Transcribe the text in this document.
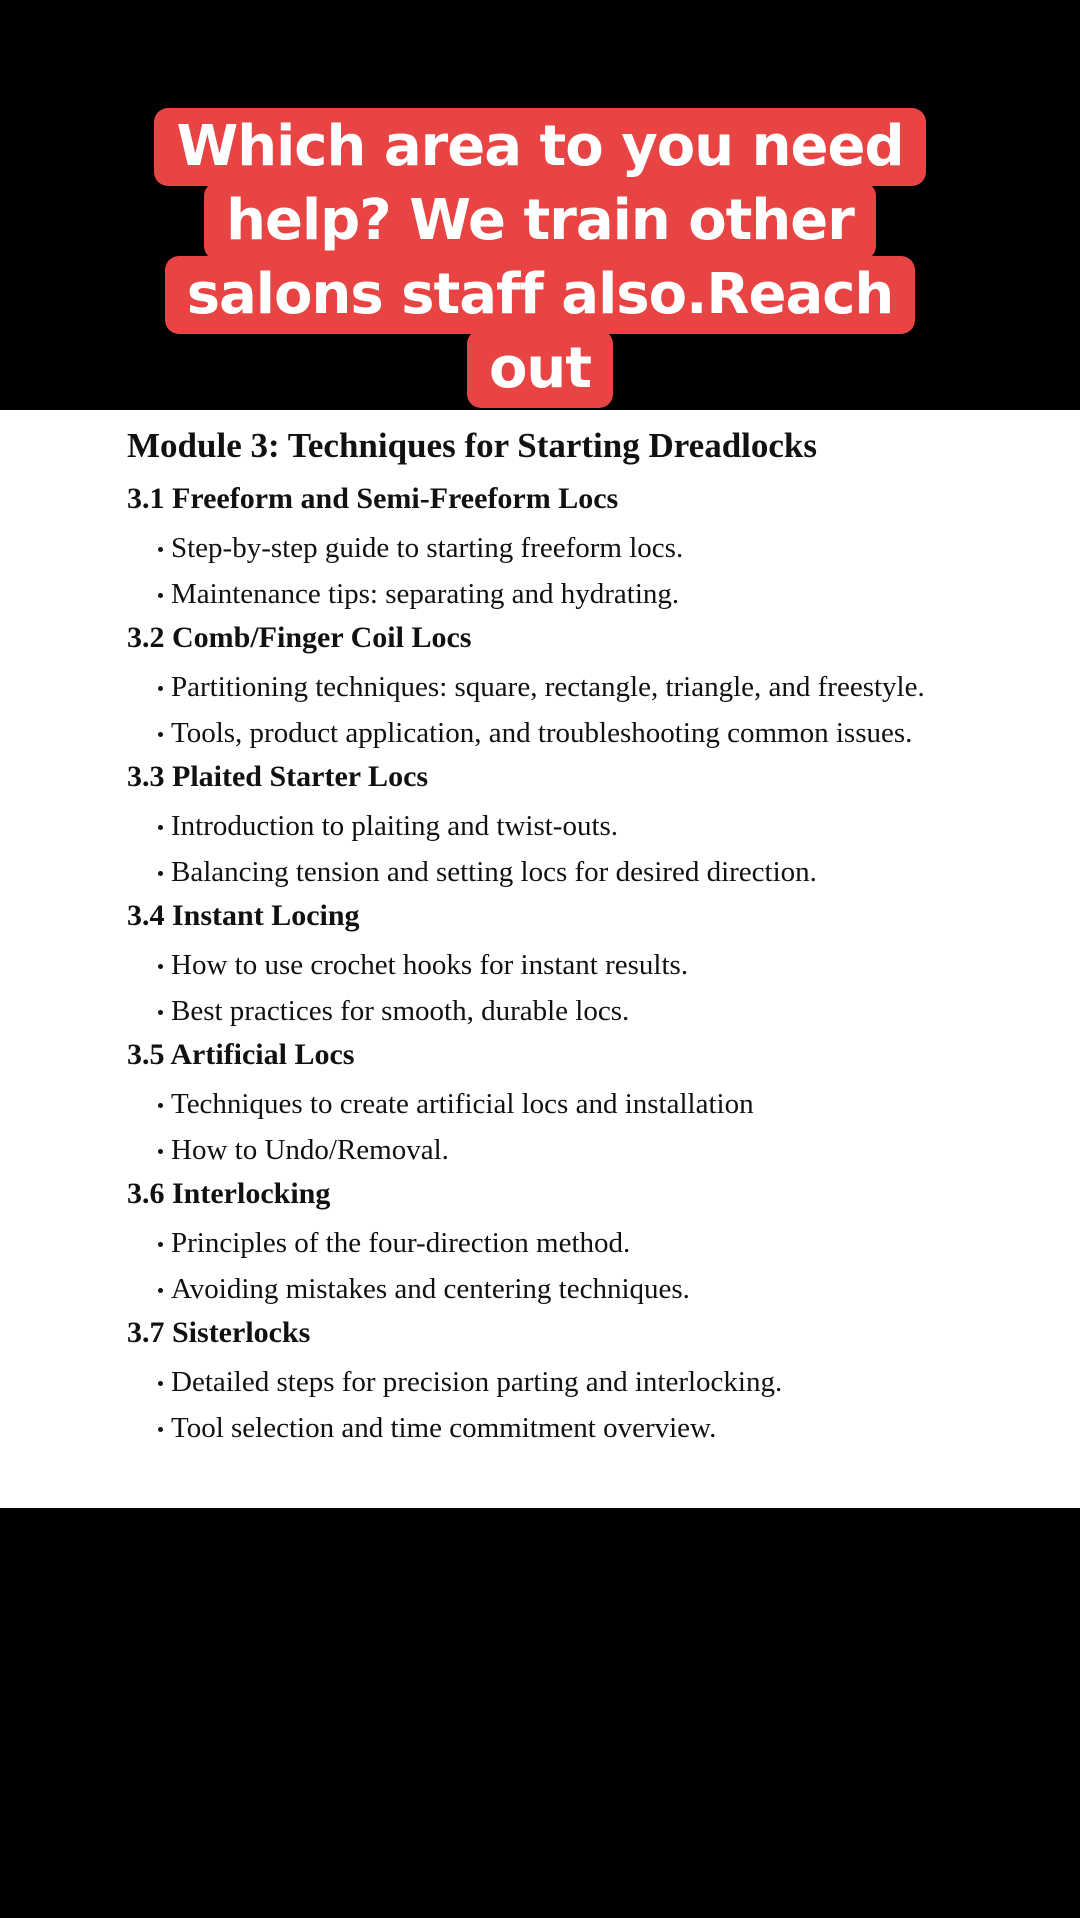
Which area to you need
help? We train other
salons staff also.Reach
out
Module 3: Techniques for Starting Dreadlocks
3.1 Freeform and Semi-Freeform Locs
Step-by-step guide to starting freeform locs.
Maintenance tips: separating and hydrating.
3.2 Comb/Finger Coil Locs
Partitioning techniques: square, rectangle, triangle, and freestyle.
Tools, product application, and troubleshooting common issues.
3.3 Plaited Starter Locs
Introduction to plaiting and twist-outs.
Balancing tension and setting locs for desired direction.
3.4 Instant Locing
How to use crochet hooks for instant results.
Best practices for smooth, durable locs.
3.5 Artificial Locs
Techniques to create artificial locs and installation
How to Undo/Removal.
3.6 Interlocking
Principles of the four-direction method.
Avoiding mistakes and centering techniques.
3.7 Sisterlocks
Detailed steps for precision parting and interlocking.
Tool selection and time commitment overview.
